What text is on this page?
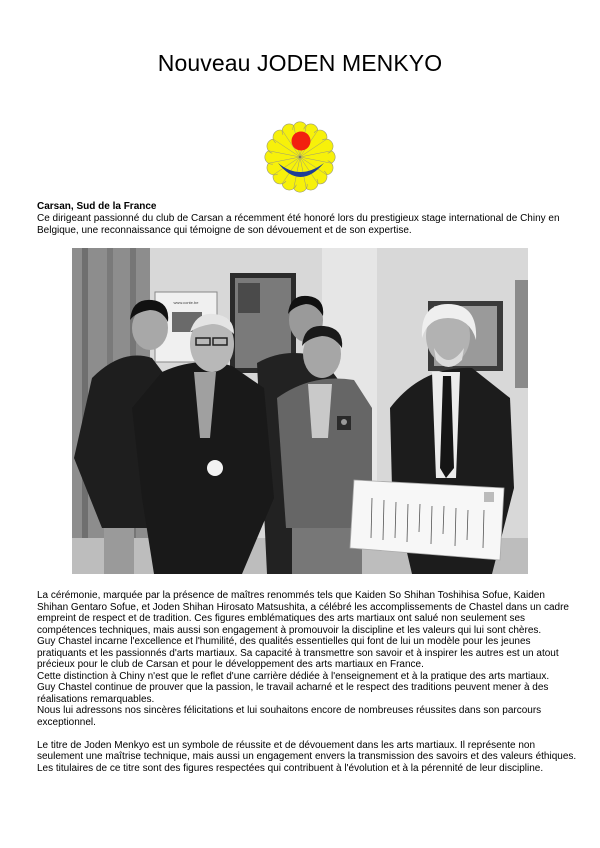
Nouveau JODEN MENKYO
Carsan, Sud de la France
Ce dirigeant passionné du club de Carsan a récemment été honoré lors du prestigieux stage international de Chiny en Belgique, une reconnaissance qui témoigne de son dévouement et de son expertise.
www.conte.be

La cérémonie, marquée par la présence de maîtres renommés tels que Kaiden So Shihan Toshihisa Sofue, Kaiden Shihan Gentaro Sofue, et Joden Shihan Hirosato Matsushita, a célébré les accomplissements de Chastel dans un cadre empreint de respect et de tradition. Ces figures emblématiques des arts martiaux ont salué non seulement ses compétences techniques, mais aussi son engagement à promouvoir la discipline et les valeurs qui lui sont chères.

Guy Chastel incarne l'excellence et l'humilité, des qualités essentielles qui font de lui un modèle pour les jeunes pratiquants et les passionnés d'arts martiaux. Sa capacité à transmettre son savoir et à inspirer les autres est un atout précieux pour le club de Carsan et pour le développement des arts martiaux en France.

Cette distinction à Chiny n'est que le reflet d'une carrière dédiée à l'enseignement et à la pratique des arts martiaux.

Guy Chastel continue de prouver que la passion, le travail acharné et le respect des traditions peuvent mener à des réalisations remarquables.

Nous lui adressons nos sincères félicitations et lui souhaitons encore de nombreuses réussites dans son parcours exceptionnel.

Le titre de Joden Menkyo est un symbole de réussite et de dévouement dans les arts martiaux. Il représente non seulement une maîtrise technique, mais aussi un engagement envers la transmission des savoirs et des valeurs éthiques. Les titulaires de ce titre sont des figures respectées qui contribuent à l'évolution et à la pérennité de leur discipline.
